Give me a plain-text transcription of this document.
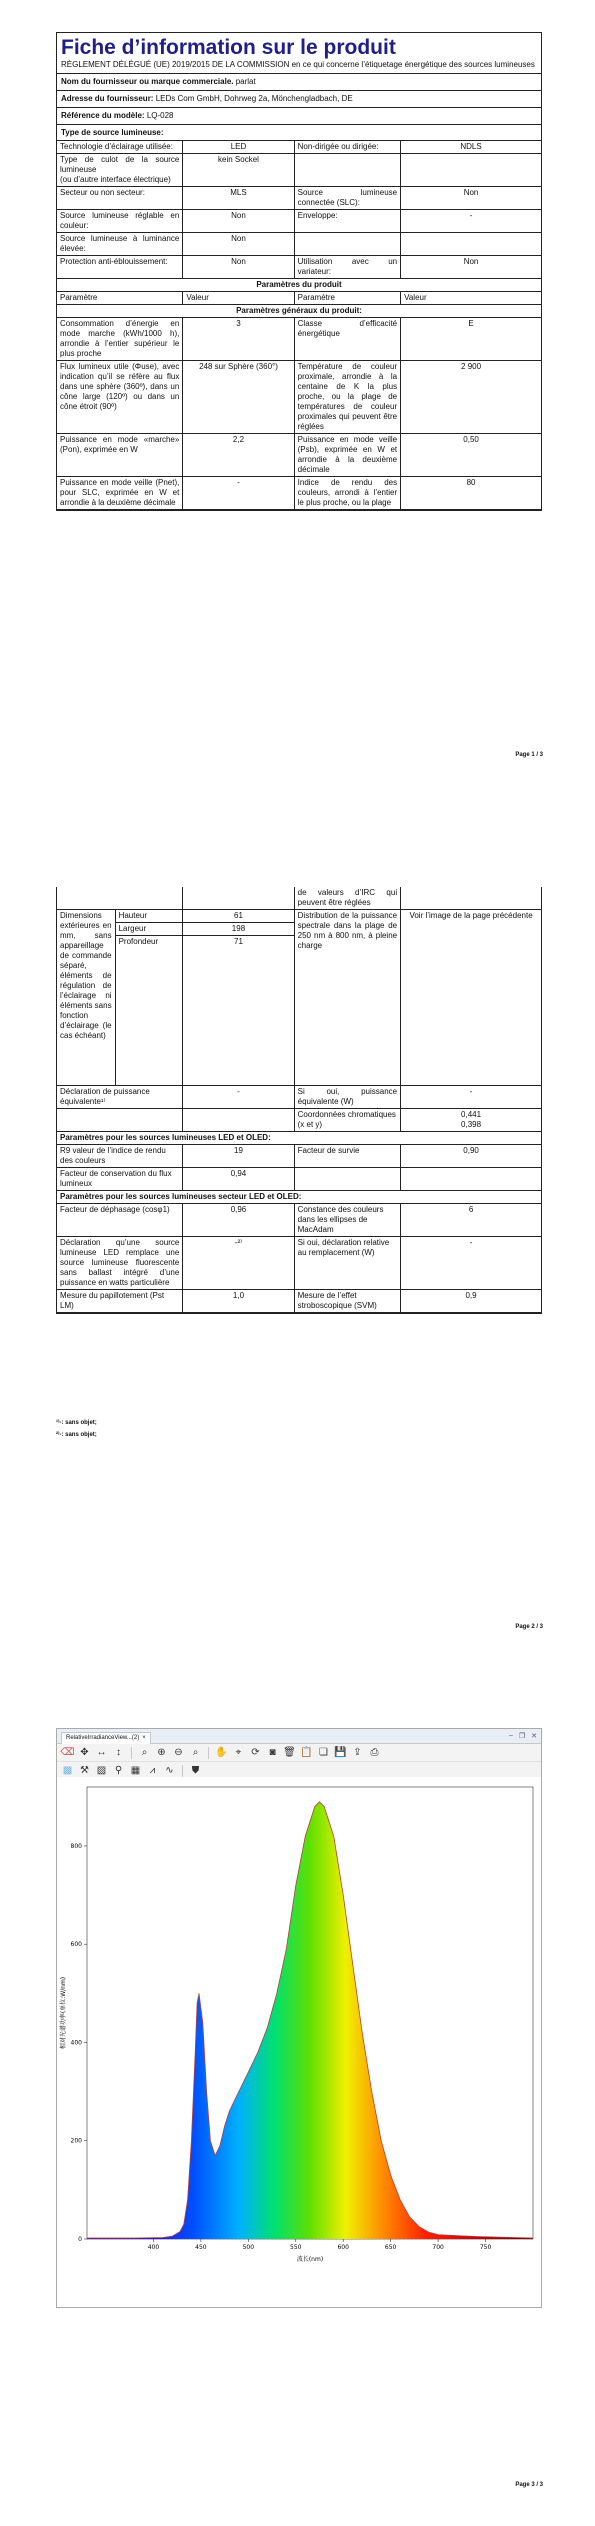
Fiche d’information sur le produit
RÈGLEMENT DÉLÉGUÉ (UE) 2019/2015 DE LA COMMISSION en ce qui concerne l’étiquetage énergétique des sources lumineuses
Nom du fournisseur ou marque commerciale. parlat
Adresse du fournisseur: LEDs Com GmbH, Dohrweg 2a, Mönchengladbach, DE
Référence du modèle: LQ-028
Type de source lumineuse:
Technologie d’éclairage utilisée:	LED	Non-dirigée ou dirigée:	NDLS
Type de culot de la source lumineuse
(ou d’autre interface électrique)	kein Sockel		
Secteur ou non secteur:	MLS	Source lumineuse connectée (SLC):	Non
Source lumineuse réglable en couleur:	Non	Enveloppe:	-
Source lumineuse à luminance élevée:	Non		
Protection anti-éblouissement:	Non	Utilisation avec un variateur:	Non
Paramètres du produit			
Paramètre	Valeur	Paramètre	Valeur
Paramètres généraux du produit:			
Consommation d’énergie en mode marche (kWh/1000 h), arrondie à l’entier supérieur le plus proche	3	Classe d’efficacité énergétique	E
Flux lumineux utile (Φuse), avec indication qu’il se réfère au flux dans une sphère (360º), dans un cône large (120º) ou dans un cône étroit (90º)	248 sur Sphère (360°)	Température de couleur proximale, arrondie à la centaine de K la plus proche, ou la plage de températures de couleur proximales qui peuvent être réglées	2 900
Puissance en mode «marche» (Pon), exprimée en W	2,2	Puissance en mode veille (Psb), exprimée en W et arrondie à la deuxième décimale	0,50
Puissance en mode veille (Pnet), pour SLC, exprimée en W et arrondie à la deuxième décimale	-	Indice de rendu des couleurs, arrondi à l’entier le plus proche, ou la plage	80
Page 1 / 3
			de valeurs d’IRC qui peuvent être réglées	
Dimensions extérieures en mm, sans appareillage de commande séparé, éléments de régulation de l’éclairage ni éléments sans fonction d’éclairage (le cas échéant)	Hauteur	61	Distribution de la puissance spectrale dans la plage de 250 nm à 800 nm, à pleine charge	Voir l’image de la page précédente
	Largeur	198		
	Profondeur	71		
Déclaration de puissance équivalente¹⁾		-	Si oui, puissance équivalente (W)	-
			Coordonnées chromatiques (x et y)	0,441
0,398

Paramètres pour les sources lumineuses LED et OLED:				
R9 valeur de l’indice de rendu des couleurs		19	Facteur de survie	0,90
Facteur de conservation du flux lumineux		0,94		
Paramètres pour les sources lumineuses secteur LED et OLED:				
Facteur de déphasage (cosφ1)		0,96	Constance des couleurs dans les ellipses de MacAdam	6
Déclaration qu’une source lumineuse LED remplace une source lumineuse fluorescente sans ballast intégré d’une puissance en watts particulière		-²⁾	Si oui, déclaration relative au remplacement (W)	-
Mesure du papillotement (Pst LM)		1,0	Mesure de l’effet stroboscopique (SVM)	0,9
¹⁾-: sans objet;
²⁾-: sans objet;
Page 2 / 3
RelativeIrradianceView...(2) ×	– ❐ ✕
⌫ ✥ ↔ ↕	⌕	⊕ ⊖	⌕	✋ ⌖ ⟳ ◙ 🗑 📋 ❏ 💾 ⇪ ⎙
▩ ⚒ ▨ ⚲ ▦ ⩘ ∿	⛊
400	450	500	550	600	650	700	750
0
200
400
600
800
波长(nm)
相对光谱功率(单位:W/nm)
Page 3 / 3
